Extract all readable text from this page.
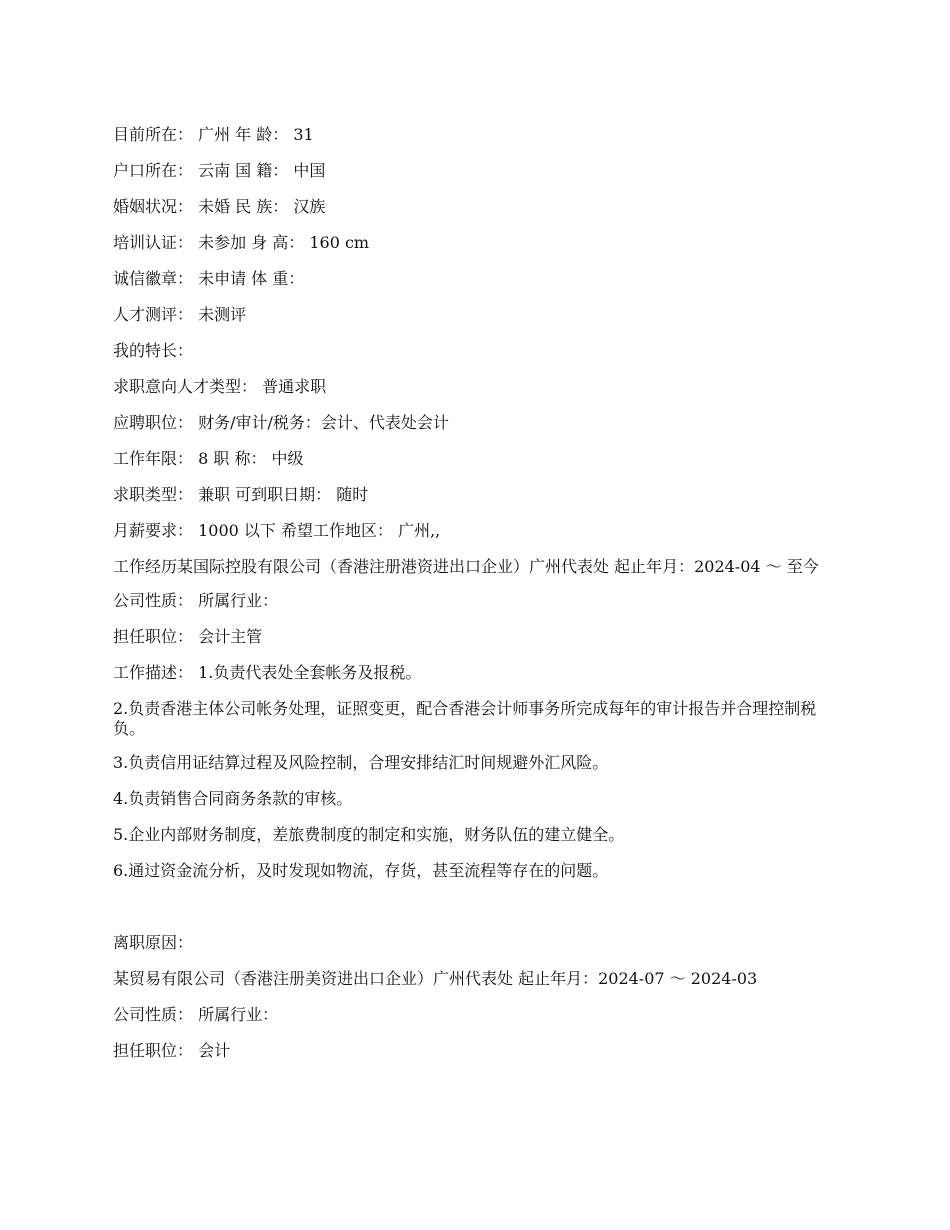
目前所在： 广州 年 龄： 31
户口所在： 云南 国 籍： 中国
婚姻状况： 未婚 民 族： 汉族
培训认证： 未参加 身 高： 160 cm
诚信徽章： 未申请 体 重：
人才测评： 未测评
我的特长：
求职意向人才类型： 普通求职
应聘职位： 财务/审计/税务：会计、代表处会计
工作年限： 8 职 称： 中级
求职类型： 兼职 可到职日期： 随时
月薪要求： 1000 以下 希望工作地区： 广州,,
工作经历某国际控股有限公司（香港注册港资进出口企业）广州代表处 起止年月：2024-04 ～ 至今
公司性质： 所属行业：
担任职位： 会计主管
工作描述： 1.负责代表处全套帐务及报税。
2.负责香港主体公司帐务处理，证照变更，配合香港会计师事务所完成每年的审计报告并合理控制税负。
3.负责信用证结算过程及风险控制，合理安排结汇时间规避外汇风险。
4.负责销售合同商务条款的审核。
5.企业内部财务制度，差旅费制度的制定和实施，财务队伍的建立健全。
6.通过资金流分析，及时发现如物流，存货，甚至流程等存在的问题。
离职原因：
某贸易有限公司（香港注册美资进出口企业）广州代表处 起止年月：2024-07 ～ 2024-03
公司性质： 所属行业：
担任职位： 会计
